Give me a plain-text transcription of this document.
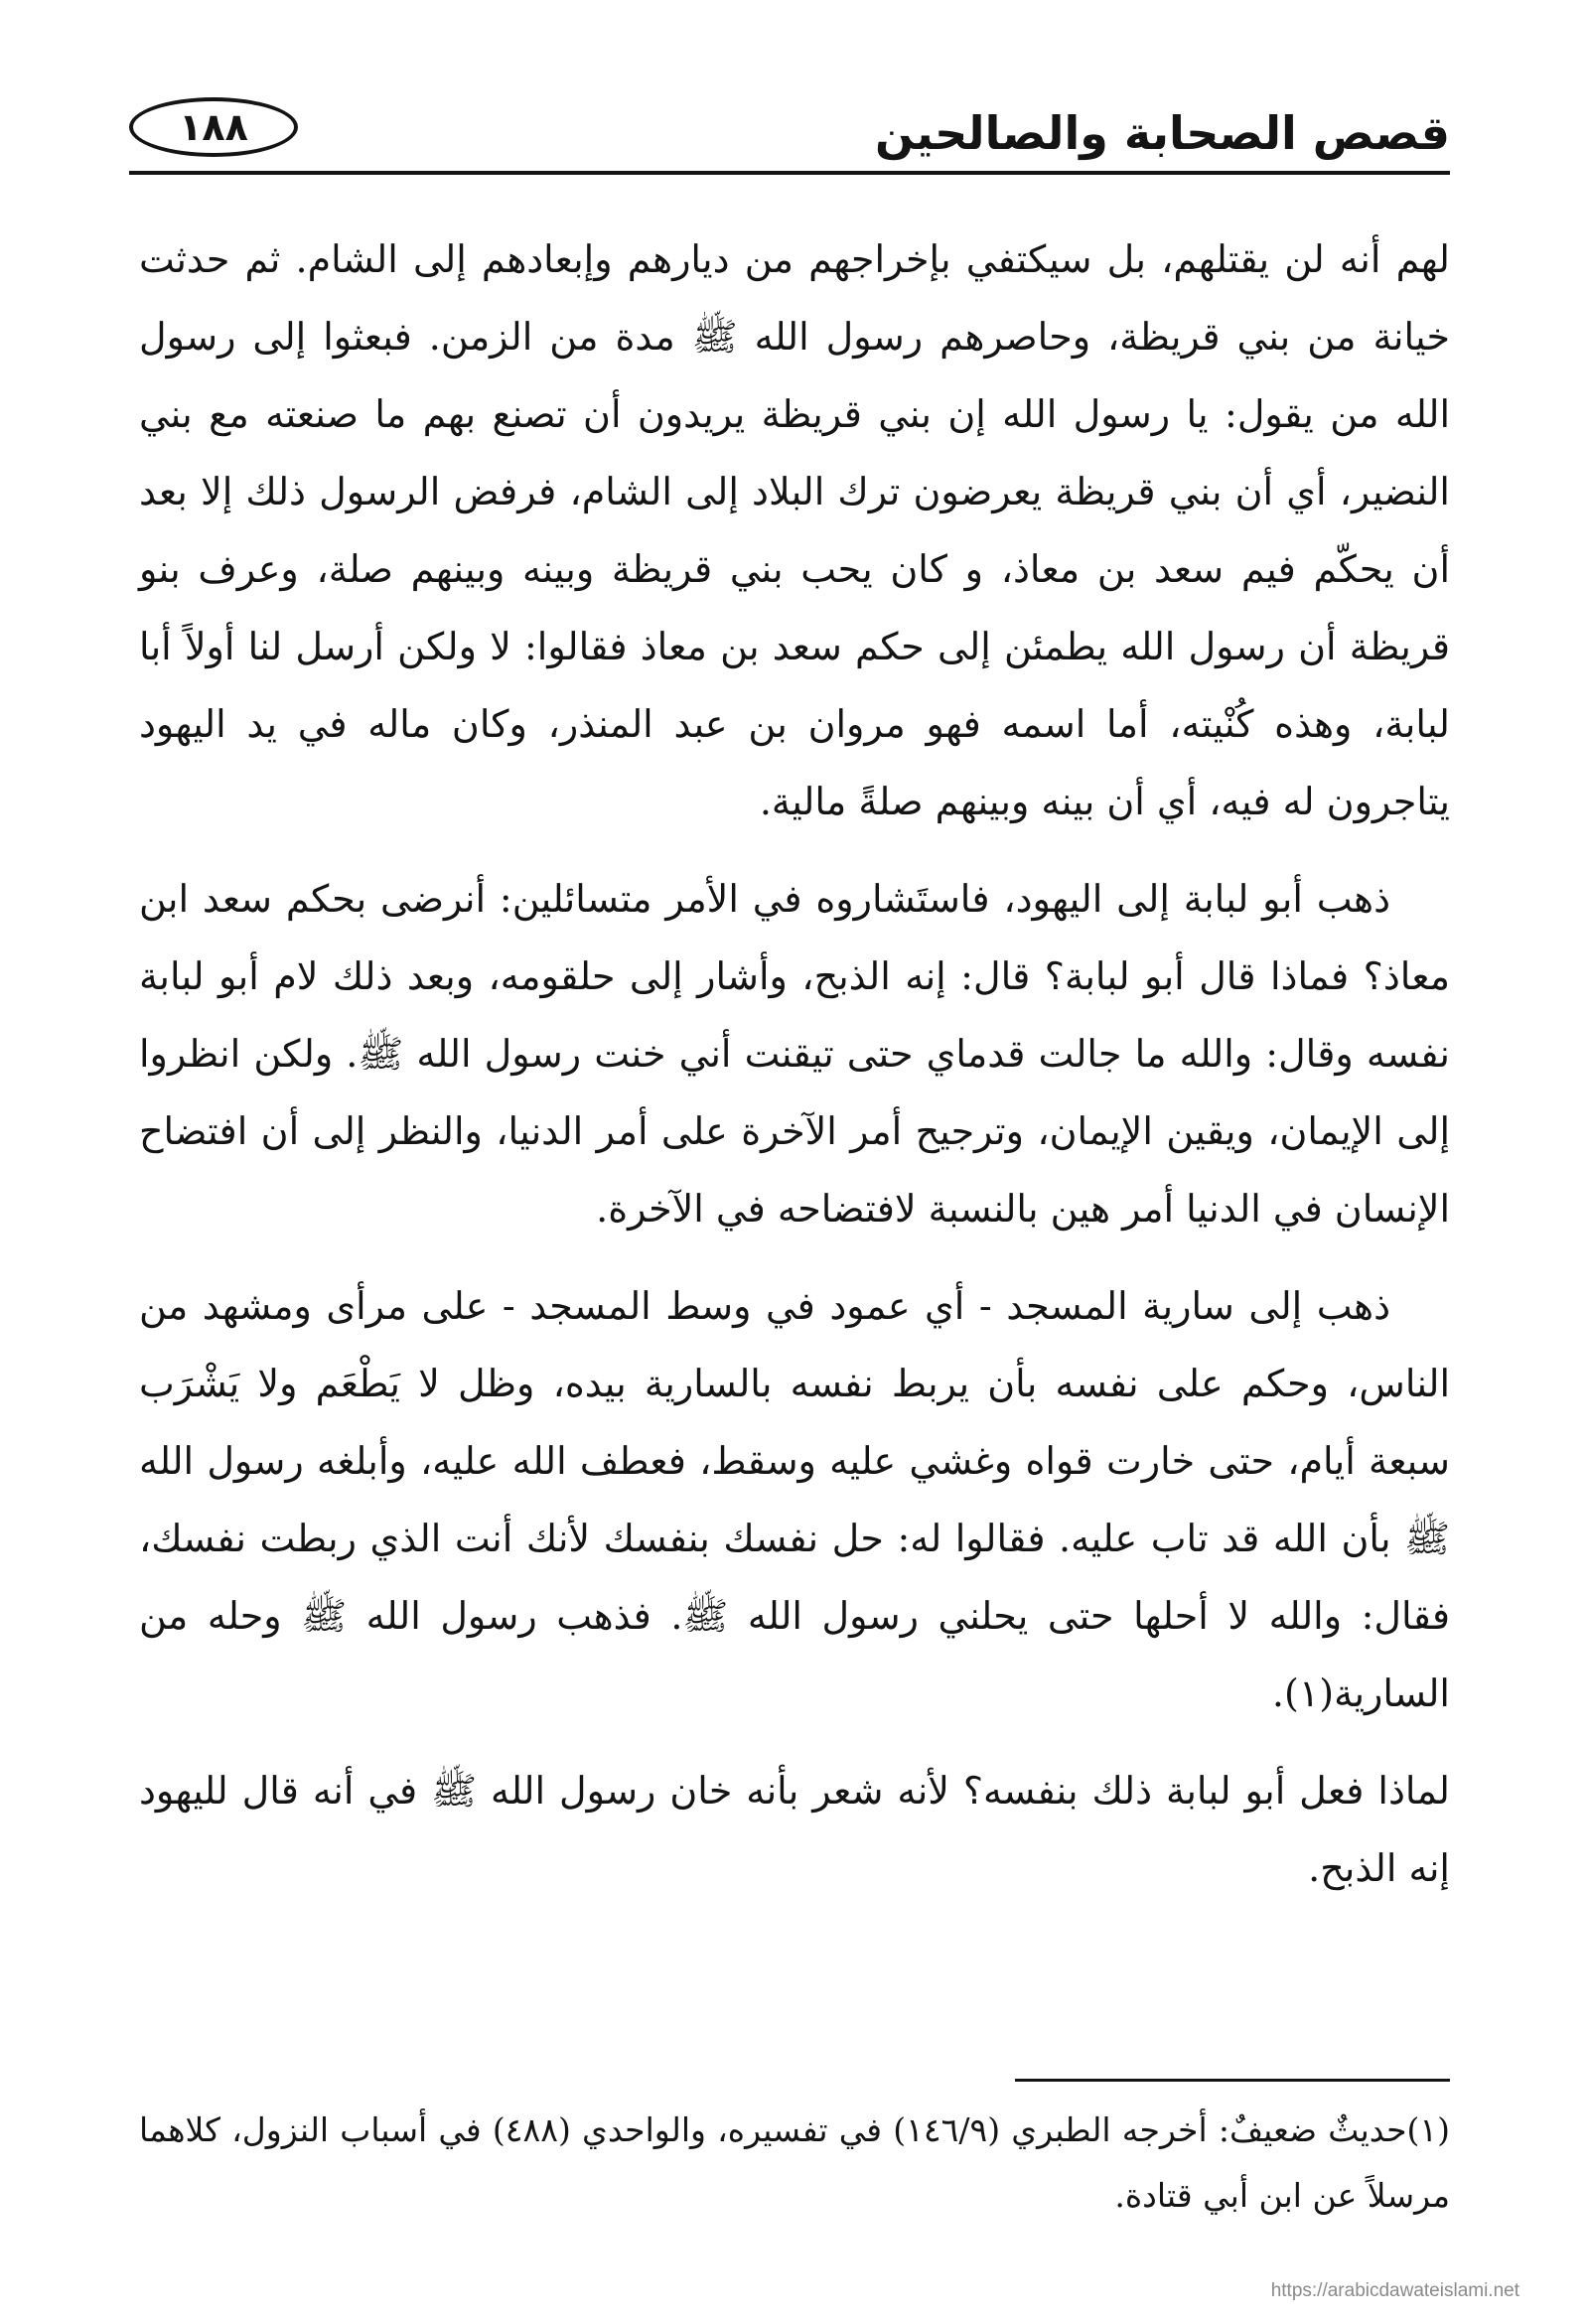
قصص الصحابة والصالحين
١٨٨

لهم أنه لن يقتلهم، بل سيكتفي بإخراجهم من ديارهم وإبعادهم إلى الشام. ثم حدثت خيانة من بني قريظة، وحاصرهم رسول الله ﷺ مدة من الزمن. فبعثوا إلى رسول الله من يقول: يا رسول الله إن بني قريظة يريدون أن تصنع بهم ما صنعته مع بني النضير، أي أن بني قريظة يعرضون ترك البلاد إلى الشام، فرفض الرسول ذلك إلا بعد أن يحكّم فيم سعد بن معاذ، و كان يحب بني قريظة وبينه وبينهم صلة، وعرف بنو قريظة أن رسول الله يطمئن إلى حكم سعد بن معاذ فقالوا: لا ولكن أرسل لنا أولاً أبا لبابة، وهذه كُنْيته، أما اسمه فهو مروان بن عبد المنذر، وكان ماله في يد اليهود يتاجرون له فيه، أي أن بينه وبينهم صلةً مالية.

ذهب أبو لبابة إلى اليهود، فاستَشاروه في الأمر متسائلين: أنرضى بحكم سعد ابن معاذ؟ فماذا قال أبو لبابة؟ قال: إنه الذبح، وأشار إلى حلقومه، وبعد ذلك لام أبو لبابة نفسه وقال: والله ما جالت قدماي حتى تيقنت أني خنت رسول الله ﷺ. ولكن انظروا إلى الإيمان، ويقين الإيمان، وترجيح أمر الآخرة على أمر الدنيا، والنظر إلى أن افتضاح الإنسان في الدنيا أمر هين بالنسبة لافتضاحه في الآخرة.

ذهب إلى سارية المسجد - أي عمود في وسط المسجد - على مرأى ومشهد من الناس، وحكم على نفسه بأن يربط نفسه بالسارية بيده، وظل لا يَطْعَم ولا يَشْرَب سبعة أيام، حتى خارت قواه وغشي عليه وسقط، فعطف الله عليه، وأبلغه رسول الله ﷺ بأن الله قد تاب عليه. فقالوا له: حل نفسك بنفسك لأنك أنت الذي ربطت نفسك، فقال: والله لا أحلها حتى يحلني رسول الله ﷺ. فذهب رسول الله ﷺ وحله من السارية(١).

لماذا فعل أبو لبابة ذلك بنفسه؟ لأنه شعر بأنه خان رسول الله ﷺ في أنه قال لليهود إنه الذبح.

(١)حديثٌ ضعيفٌ: أخرجه الطبري (١٤٦/٩) في تفسيره، والواحدي (٤٨٨) في أسباب النزول، كلاهما مرسلاً عن ابن أبي قتادة.
https://arabicdawateislami.net
